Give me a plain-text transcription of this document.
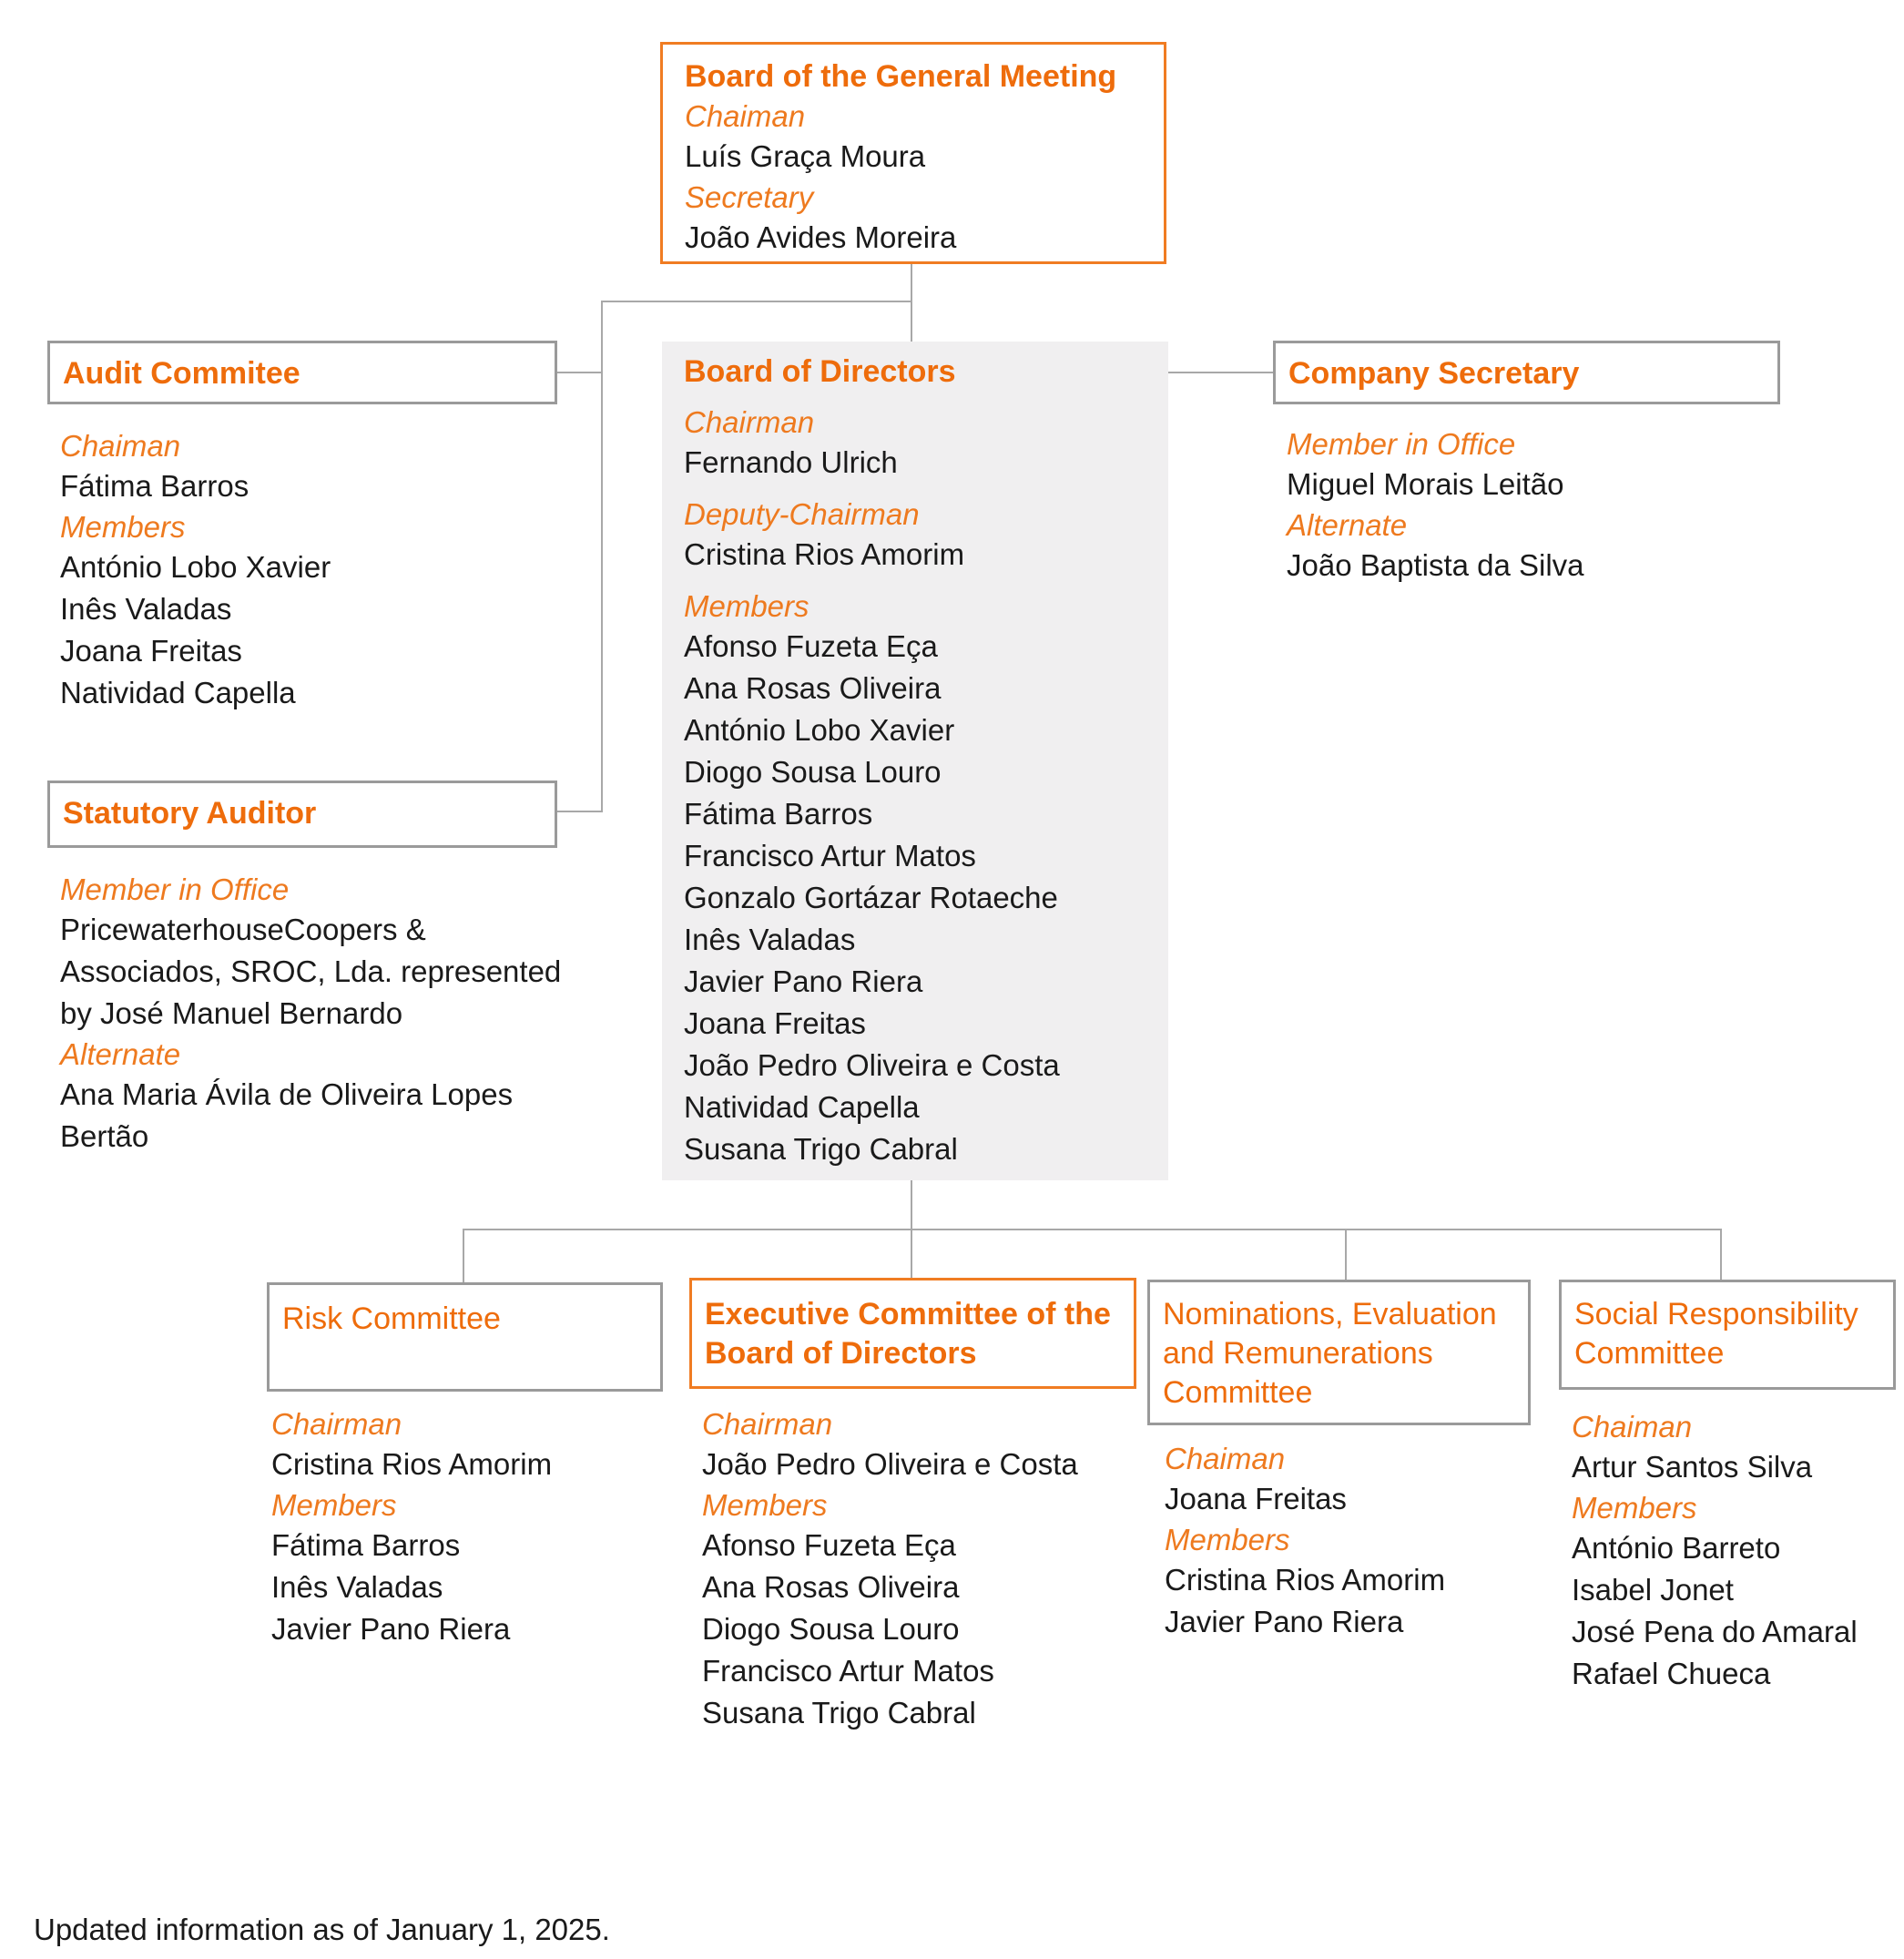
Board of the General Meeting
Chaiman
Luís Graça Moura
Secretary
João Avides Moreira
Audit Commitee
Chaiman
Fátima Barros
Members
António Lobo Xavier
Inês Valadas
Joana Freitas
Natividad Capella
Statutory Auditor
Member in Office
PricewaterhouseCoopers &
Associados, SROC, Lda. represented
by José Manuel Bernardo
Alternate
Ana Maria Ávila de Oliveira Lopes
Bertão
Board of Directors
Chairman
Fernando Ulrich
Deputy-Chairman
Cristina Rios Amorim
Members
Afonso Fuzeta Eça
Ana Rosas Oliveira
António Lobo Xavier
Diogo Sousa Louro
Fátima Barros
Francisco Artur Matos
Gonzalo Gortázar Rotaeche
Inês Valadas
Javier Pano Riera
Joana Freitas
João Pedro Oliveira e Costa
Natividad Capella
Susana Trigo Cabral
Company Secretary
Member in Office
Miguel Morais Leitão
Alternate
João Baptista da Silva
Risk Committee
Chairman
Cristina Rios Amorim
Members
Fátima Barros
Inês Valadas
Javier Pano Riera
Executive Committee of the
Board of Directors
Chairman
João Pedro Oliveira e Costa
Members
Afonso Fuzeta Eça
Ana Rosas Oliveira
Diogo Sousa Louro
Francisco Artur Matos
Susana Trigo Cabral
Nominations, Evaluation
and Remunerations
Committee
Chaiman
Joana Freitas
Members
Cristina Rios Amorim
Javier Pano Riera
Social Responsibility
Committee
Chaiman
Artur Santos Silva
Members
António Barreto
Isabel Jonet
José Pena do Amaral
Rafael Chueca
Updated information as of January 1, 2025.
